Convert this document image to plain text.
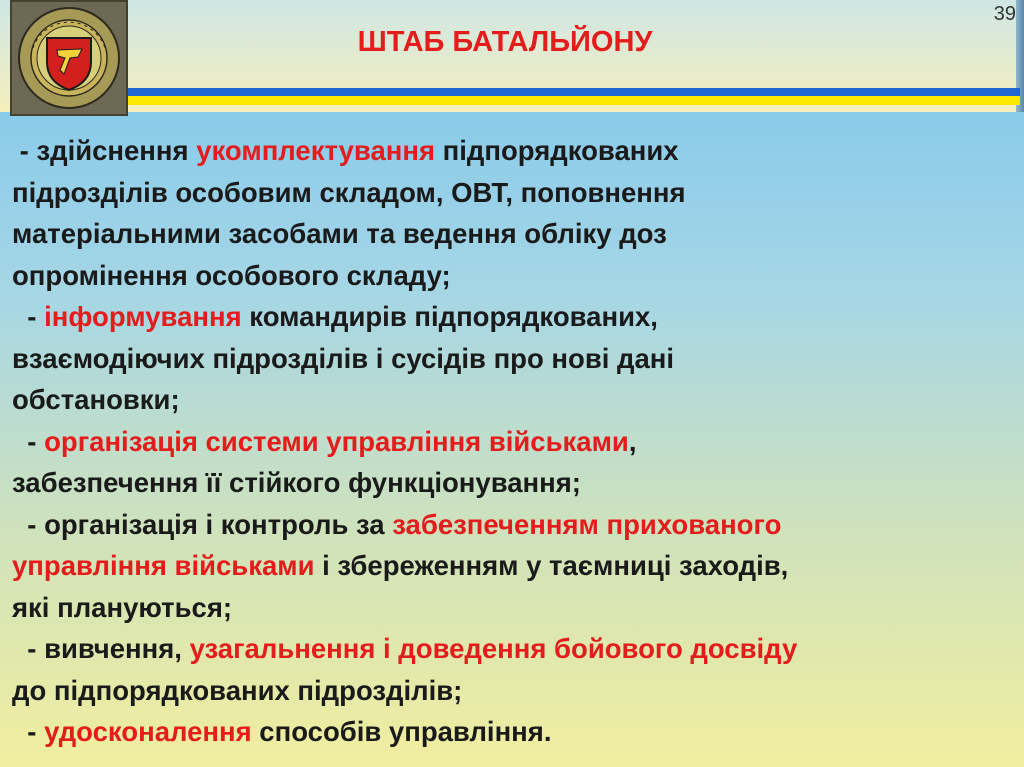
ШТАБ БАТАЛЬЙОНУ
39
- здійснення укомплектування підпорядкованих
підрозділів особовим складом, ОВТ, поповнення
матеріальними засобами та ведення обліку доз
опромінення особового складу;
- інформування командирів підпорядкованих,
взаємодіючих підрозділів і сусідів про нові дані
обстановки;
- організація системи управління військами,
забезпечення її стійкого функціонування;
- організація і контроль за забезпеченням прихованого
управління військами і збереженням у таємниці заходів,
які плануються;
- вивчення, узагальнення і доведення бойового досвіду
до підпорядкованих підрозділів;
- удосконалення способів управління.
